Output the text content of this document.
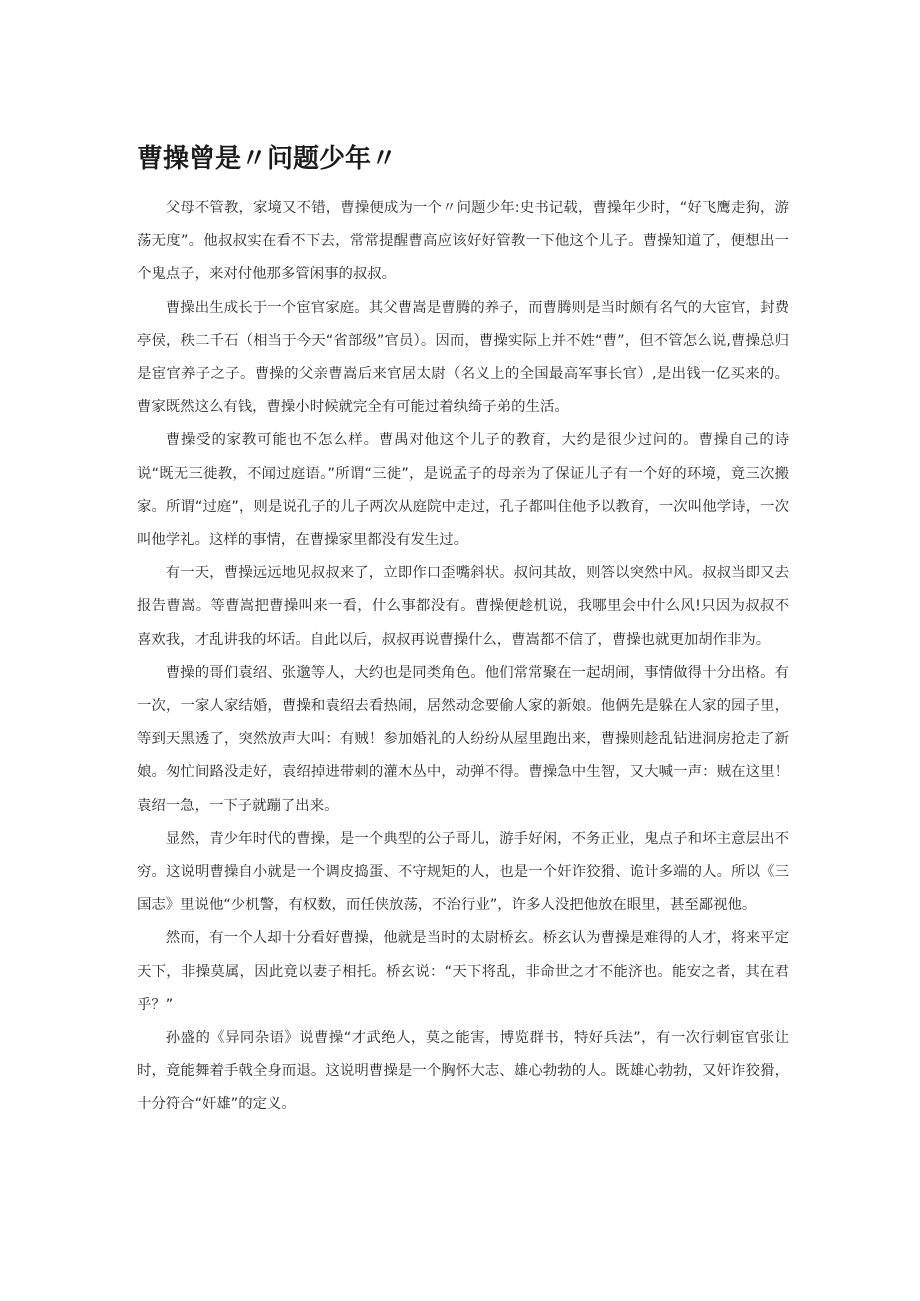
曹操曾是〃问题少年〃

父母不管教，家境又不错，曹操便成为一个〃问题少年:史书记载，曹操年少时，“好飞鹰走狗，游荡无度”。他叔叔实在看不下去，常常提醒曹高应该好好管教一下他这个儿子。曹操知道了，便想出一个鬼点子，来对付他那多管闲事的叔叔。

曹操出生成长于一个宦官家庭。其父曹嵩是曹腾的养子，而曹腾则是当时颇有名气的大宦官，封费亭侯，秩二千石（相当于今天“省部级”官员）。因而，曹操实际上并不姓“曹”，但不管怎么说,曹操总归是宦官养子之子。曹操的父亲曹嵩后来官居太尉（名义上的全国最高军事长官）,是出钱一亿买来的。曹家既然这么有钱，曹操小时候就完全有可能过着纨绮子弟的生活。

曹操受的家教可能也不怎么样。曹禺对他这个儿子的教育，大约是很少过问的。曹操自己的诗说“既无三徙教，不闻过庭语。”所谓“三徙”，是说孟子的母亲为了保证儿子有一个好的环境，竟三次搬家。所谓“过庭”，则是说孔子的儿子两次从庭院中走过，孔子都叫住他予以教育，一次叫他学诗，一次叫他学礼。这样的事情，在曹操家里都没有发生过。

有一天，曹操远远地见叔叔来了，立即作口歪嘴斜状。叔问其故，则答以突然中风。叔叔当即又去报告曹嵩。等曹嵩把曹操叫来一看，什么事都没有。曹操便趁机说，我哪里会中什么风!只因为叔叔不喜欢我，才乱讲我的坏话。自此以后，叔叔再说曹操什么，曹嵩都不信了，曹操也就更加胡作非为。

曹操的哥们袁绍、张邈等人，大约也是同类角色。他们常常聚在一起胡闹，事情做得十分出格。有一次，一家人家结婚，曹操和袁绍去看热闹，居然动念要偷人家的新娘。他俩先是躲在人家的园子里，等到天黑透了，突然放声大叫：有贼！参加婚礼的人纷纷从屋里跑出来，曹操则趁乱钻进洞房抢走了新娘。匆忙间路没走好，袁绍掉进带刺的灌木丛中，动弹不得。曹操急中生智，又大喊一声：贼在这里！袁绍一急，一下子就蹦了出来。

显然，青少年时代的曹操，是一个典型的公子哥儿，游手好闲，不务正业，鬼点子和坏主意层出不穷。这说明曹操自小就是一个调皮捣蛋、不守规矩的人，也是一个奸诈狡猾、诡计多端的人。所以《三国志》里说他“少机警，有权数，而任侠放荡，不治行业”，许多人没把他放在眼里，甚至鄙视他。

然而，有一个人却十分看好曹操，他就是当时的太尉桥玄。桥玄认为曹操是难得的人才，将来平定天下，非操莫属，因此竟以妻子相托。桥玄说：“天下将乱，非命世之才不能济也。能安之者，其在君乎？”

孙盛的《异同杂语》说曹操“才武绝人，莫之能害，博览群书，特好兵法”，有一次行刺宦官张让时，竟能舞着手戟全身而退。这说明曹操是一个胸怀大志、雄心勃勃的人。既雄心勃勃，又奸诈狡猾，十分符合“奸雄”的定义。
